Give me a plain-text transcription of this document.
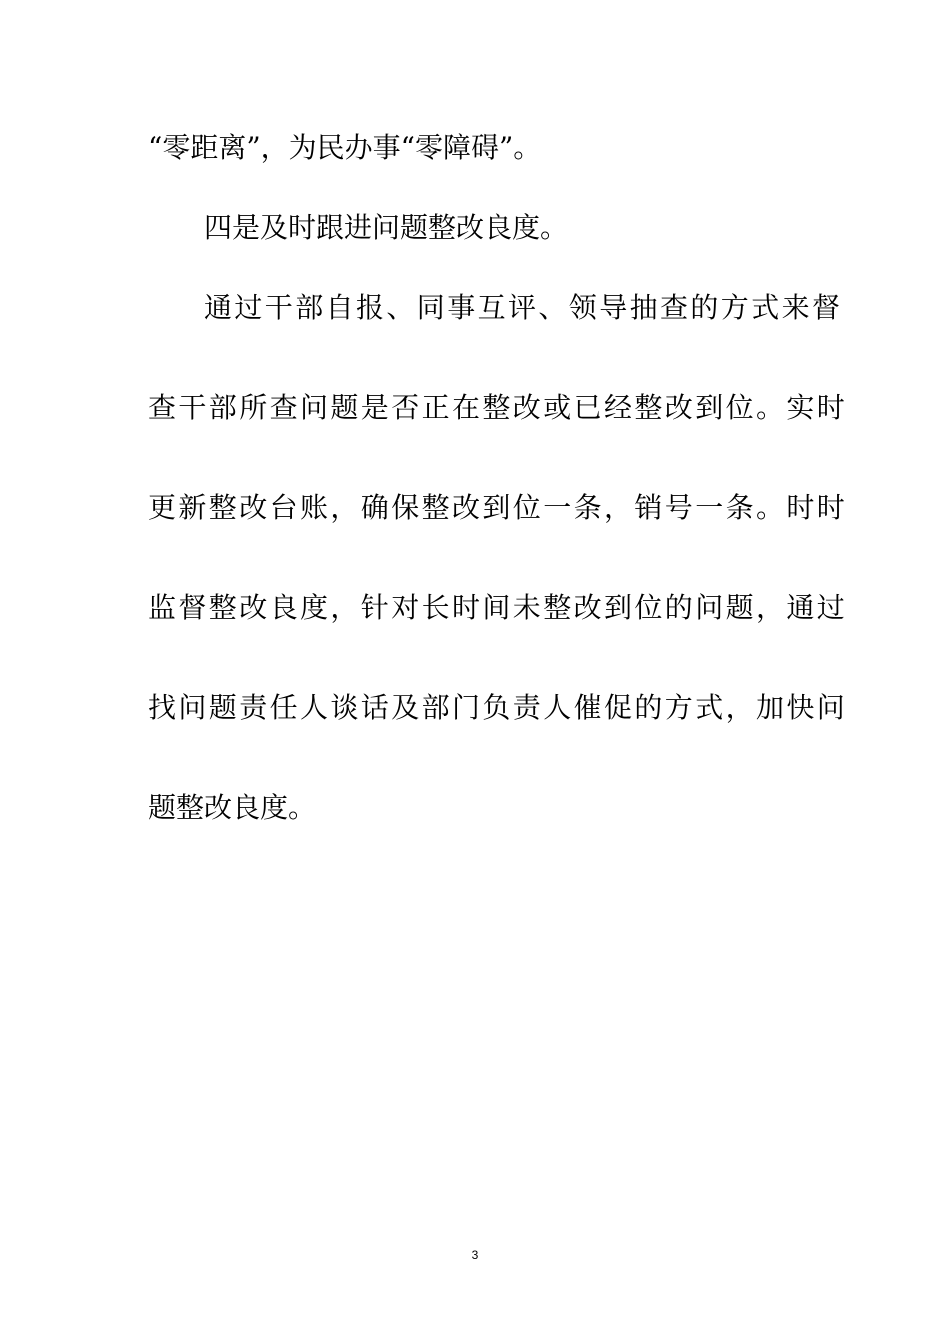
“零距离”，为民办事“零障碍”。
四是及时跟进问题整改良度。
通过干部自报、同事互评、领导抽查的方式来督
查干部所查问题是否正在整改或已经整改到位。实时
更新整改台账，确保整改到位一条，销号一条。时时
监督整改良度，针对长时间未整改到位的问题，通过
找问题责任人谈话及部门负责人催促的方式，加快问
题整改良度。
3
